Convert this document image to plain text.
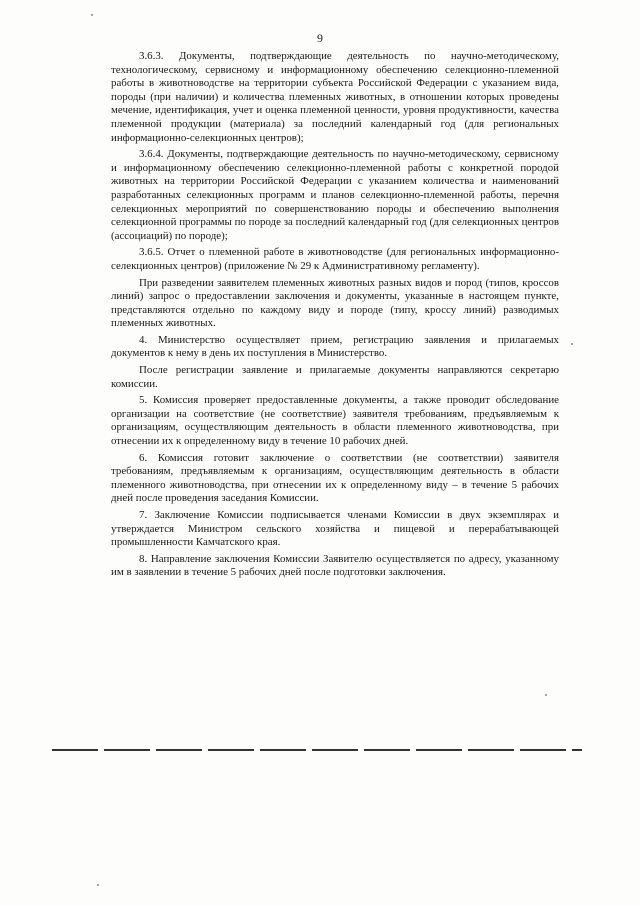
9

3.6.3. Документы, подтверждающие деятельность по научно-методическому, технологическому, сервисному и информационному обеспечению селекционно-племенной работы в животноводстве на территории субъекта Российской Федерации с указанием вида, породы (при наличии) и количества племенных животных, в отношении которых проведены мечение, идентификация, учет и оценка племенной ценности, уровня продуктивности, качества племенной продукции (материала) за последний календарный год (для региональных информационно-селекционных центров);

3.6.4. Документы, подтверждающие деятельность по научно-методическому, сервисному и информационному обеспечению селекционно-племенной работы с конкретной породой животных на территории Российской Федерации с указанием количества и наименований разработанных селекционных программ и планов селекционно-племенной работы, перечня селекционных мероприятий по совершенствованию породы и обеспечению выполнения селекционной программы по породе за последний календарный год (для селекционных центров (ассоциаций) по породе);

3.6.5. Отчет о племенной работе в животноводстве (для региональных информационно-селекционных центров) (приложение № 29 к Административному регламенту).

При разведении заявителем племенных животных разных видов и пород (типов, кроссов линий) запрос о предоставлении заключения и документы, указанные в настоящем пункте, представляются отдельно по каждому виду и породе (типу, кроссу линий) разводимых племенных животных.

4. Министерство осуществляет прием, регистрацию заявления и прилагаемых документов к нему в день их поступления в Министерство.

После регистрации заявление и прилагаемые документы направляются секретарю комиссии.

5. Комиссия проверяет предоставленные документы, а также проводит обследование организации на соответствие (не соответствие) заявителя требованиям, предъявляемым к организациям, осуществляющим деятельность в области племенного животноводства, при отнесении их к определенному виду в течение 10 рабочих дней.

6. Комиссия готовит заключение о соответствии (не соответствии) заявителя требованиям, предъявляемым к организациям, осуществляющим деятельность в области племенного животноводства, при отнесении их к определенному виду – в течение 5 рабочих дней после проведения заседания Комиссии.

7. Заключение Комиссии подписывается членами Комиссии в двух экземплярах и утверждается Министром сельского хозяйства и пищевой и перерабатывающей промышленности Камчатского края.

8. Направление заключения Комиссии Заявителю осуществляется по адресу, указанному им в заявлении в течение 5 рабочих дней после подготовки заключения.
